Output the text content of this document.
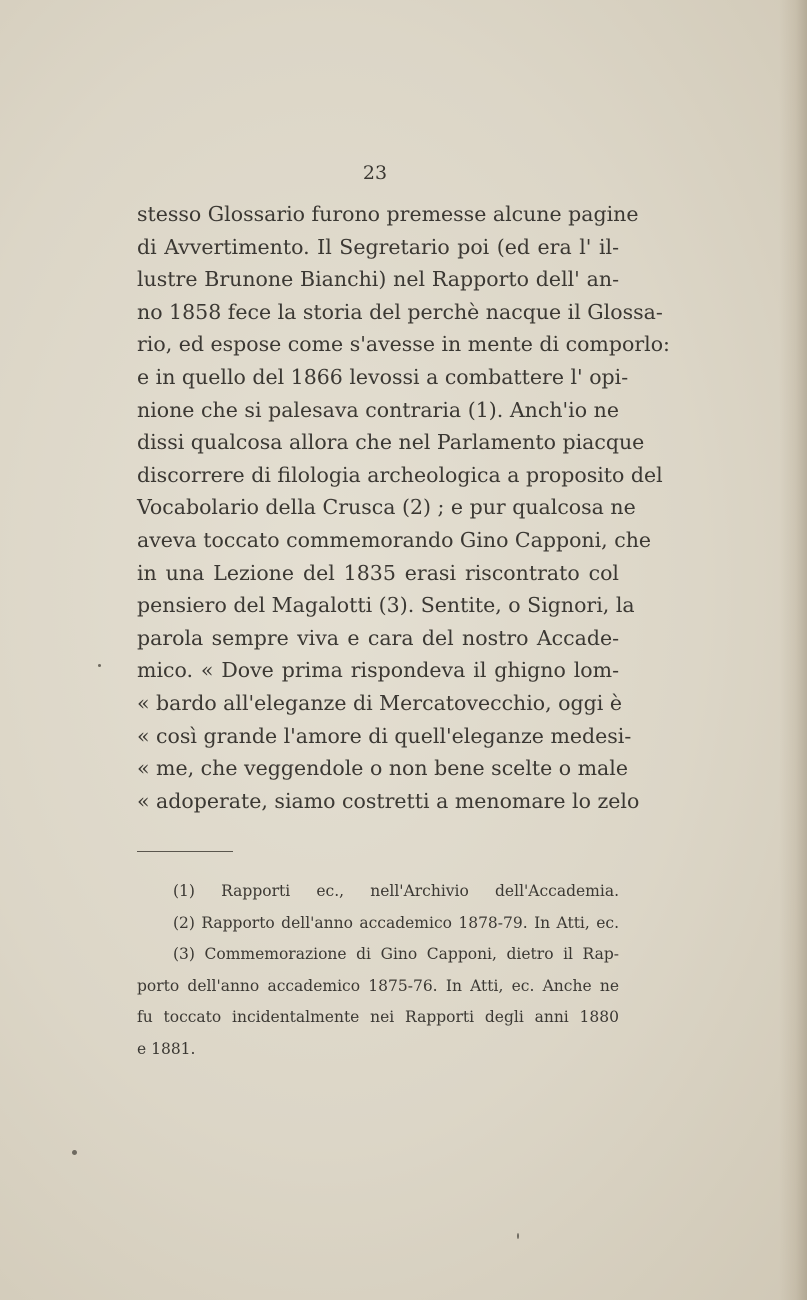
23
stesso Glossario furono premesse alcune pagine
di Avvertimento. Il Segretario poi (ed era l' il-
lustre Brunone Bianchi) nel Rapporto dell' an-
no 1858 fece la storia del perchè nacque il Glossa-
rio, ed espose come s'avesse in mente di comporlo:
e in quello del 1866 levossi a combattere l' opi-
nione che si palesava contraria (1). Anch'io ne
dissi qualcosa allora che nel Parlamento piacque
discorrere di filologia archeologica a proposito del
Vocabolario della Crusca (2) ; e pur qualcosa ne
aveva toccato commemorando Gino Capponi, che
in una Lezione del 1835 erasi riscontrato col
pensiero del Magalotti (3). Sentite, o Signori, la
parola sempre viva e cara del nostro Accade-
mico. « Dove prima rispondeva il ghigno lom-
« bardo all'eleganze di Mercatovecchio, oggi è
« così grande l'amore di quell'eleganze medesi-
« me, che veggendole o non bene scelte o male
« adoperate, siamo costretti a menomare lo zelo
(1) Rapporti ec., nell'Archivio dell'Accademia.
(2) Rapporto dell'anno accademico 1878-79. In Atti, ec.
(3) Commemorazione di Gino Capponi, dietro il Rap-
porto dell'anno accademico 1875-76. In Atti, ec. Anche ne
fu toccato incidentalmente nei Rapporti degli anni 1880
e 1881.
